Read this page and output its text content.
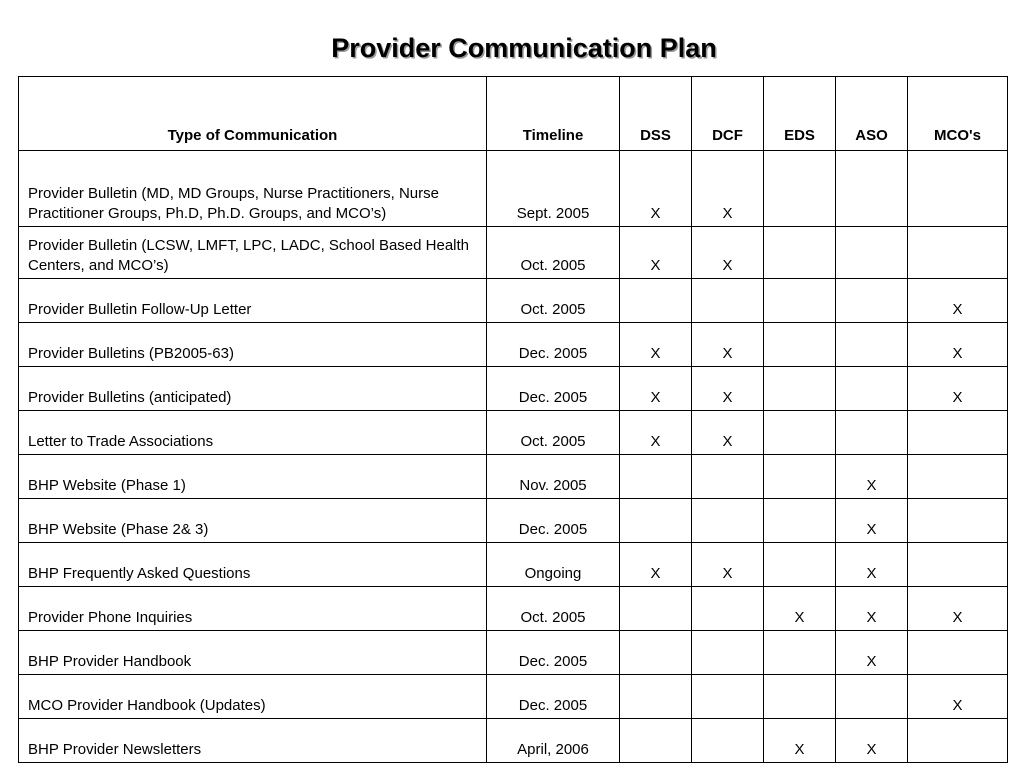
Provider Communication Plan
Type of Communication	Timeline	DSS	DCF	EDS	ASO	MCO's
Provider Bulletin (MD, MD Groups, Nurse Practitioners, Nurse Practitioner Groups, Ph.D, Ph.D. Groups, and MCO’s)	Sept. 2005	X	X			
Provider Bulletin (LCSW, LMFT, LPC, LADC, School Based Health Centers, and MCO’s)	Oct. 2005	X	X			
Provider Bulletin Follow-Up Letter	Oct. 2005					X
Provider Bulletins (PB2005-63)	Dec. 2005	X	X			X
Provider Bulletins (anticipated)	Dec. 2005	X	X			X
Letter to Trade Associations	Oct. 2005	X	X			
BHP Website (Phase 1)	Nov. 2005				X	
BHP Website (Phase 2& 3)	Dec. 2005				X	
BHP Frequently Asked Questions	Ongoing	X	X		X	
Provider Phone Inquiries	Oct. 2005			X	X	X
BHP Provider Handbook	Dec. 2005				X	
MCO Provider Handbook (Updates)	Dec. 2005					X
BHP Provider Newsletters	April, 2006			X	X	
